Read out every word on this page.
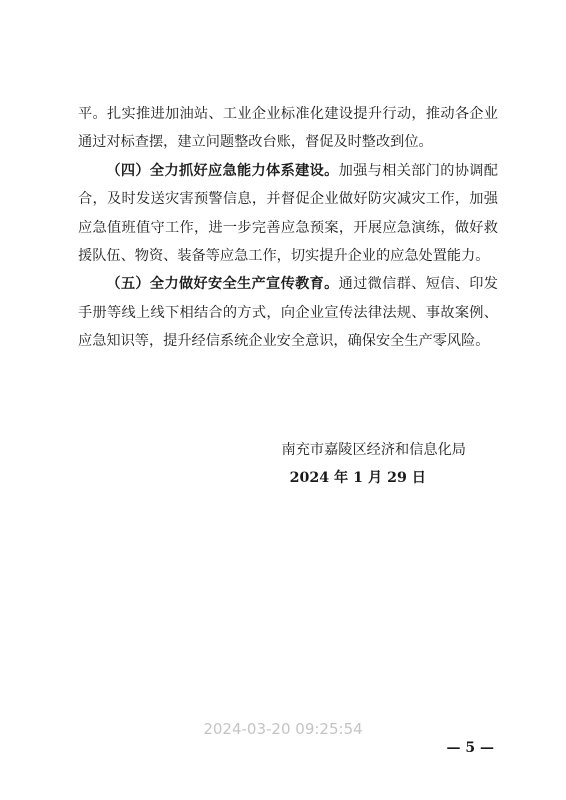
平。扎实推进加油站、工业企业标准化建设提升行动，推动各企业通过对标查摆，建立问题整改台账，督促及时整改到位。

（四）全力抓好应急能力体系建设。加强与相关部门的协调配合，及时发送灾害预警信息，并督促企业做好防灾减灾工作，加强应急值班值守工作，进一步完善应急预案，开展应急演练，做好救援队伍、物资、装备等应急工作，切实提升企业的应急处置能力。

（五）全力做好安全生产宣传教育。通过微信群、短信、印发手册等线上线下相结合的方式，向企业宣传法律法规、事故案例、应急知识等，提升经信系统企业安全意识，确保安全生产零风险。

南充市嘉陵区经济和信息化局
2024 年 1 月 29 日
2024-03-20 09:25:54
— 5 —
